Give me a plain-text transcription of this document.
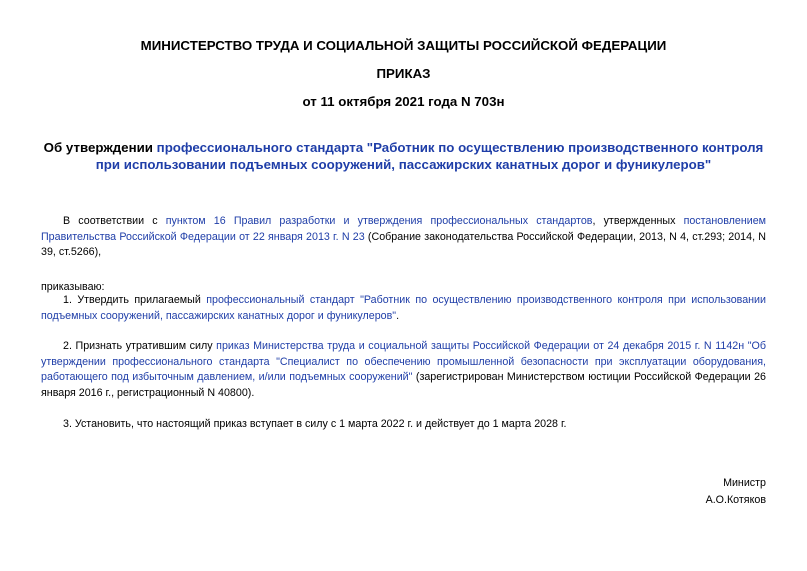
МИНИСТЕРСТВО ТРУДА И СОЦИАЛЬНОЙ ЗАЩИТЫ РОССИЙСКОЙ ФЕДЕРАЦИИ
ПРИКАЗ
от 11 октября 2021 года N 703н
Об утверждении профессионального стандарта "Работник по осуществлению производственного контроля при использовании подъемных сооружений, пассажирских канатных дорог и фуникулеров"
В соответствии с пунктом 16 Правил разработки и утверждения профессиональных стандартов, утвержденных постановлением Правительства Российской Федерации от 22 января 2013 г. N 23 (Собрание законодательства Российской Федерации, 2013, N 4, ст.293; 2014, N 39, ст.5266),
приказываю:
1. Утвердить прилагаемый профессиональный стандарт "Работник по осуществлению производственного контроля при использовании подъемных сооружений, пассажирских канатных дорог и фуникулеров".
2. Признать утратившим силу приказ Министерства труда и социальной защиты Российской Федерации от 24 декабря 2015 г. N 1142н "Об утверждении профессионального стандарта "Специалист по обеспечению промышленной безопасности при эксплуатации оборудования, работающего под избыточным давлением, и/или подъемных сооружений" (зарегистрирован Министерством юстиции Российской Федерации 26 января 2016 г., регистрационный N 40800).
3. Установить, что настоящий приказ вступает в силу с 1 марта 2022 г. и действует до 1 марта 2028 г.
Министр
А.О.Котяков
